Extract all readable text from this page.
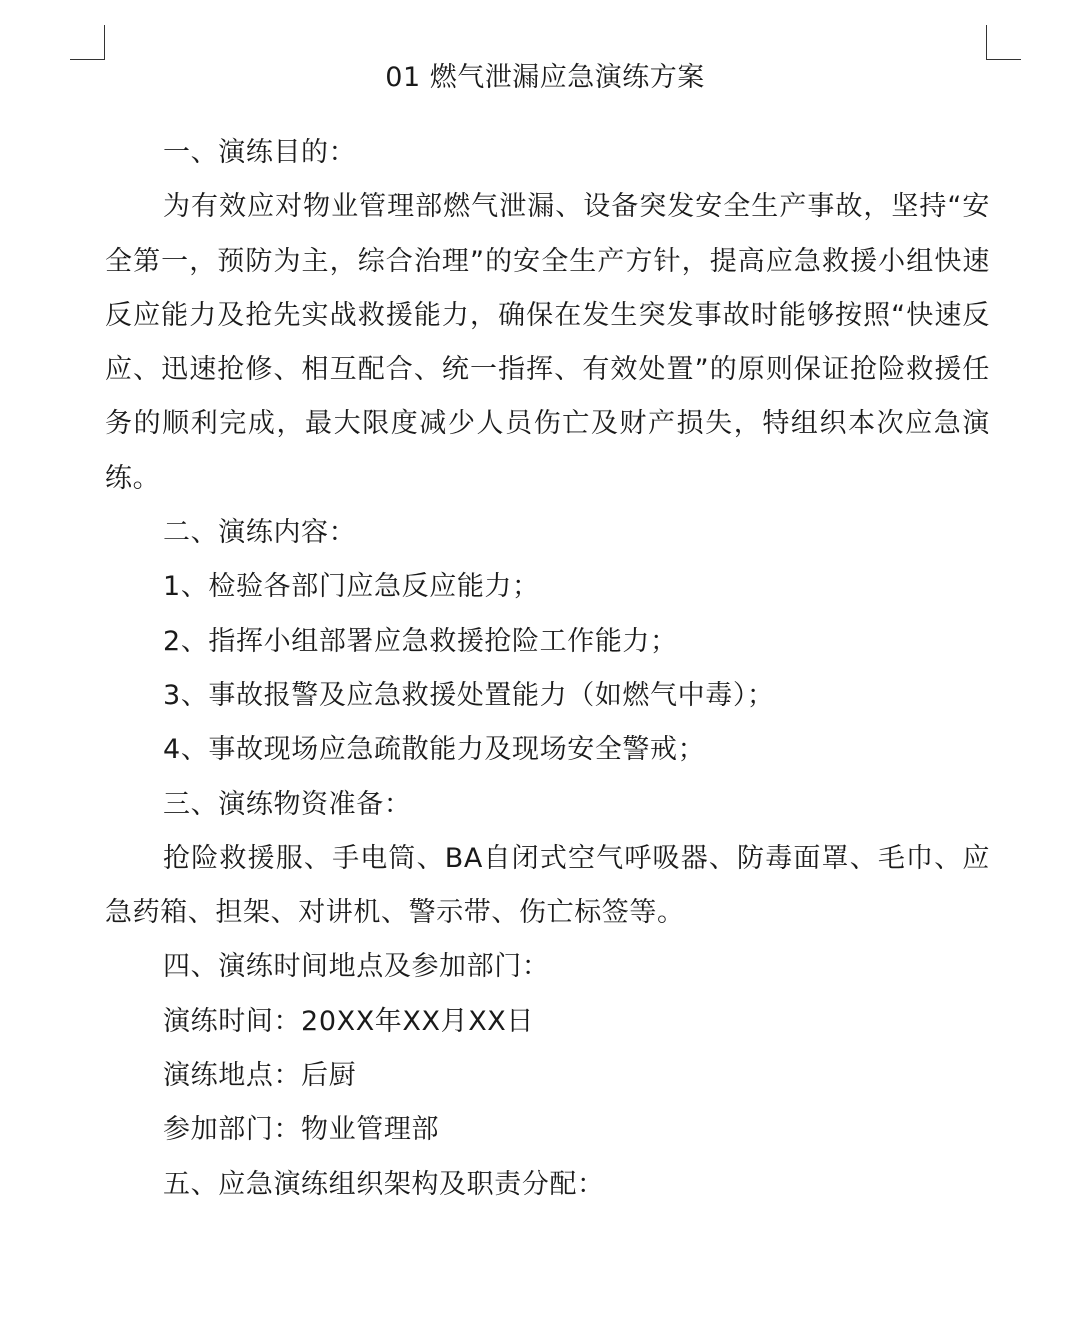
01 燃气泄漏应急演练方案

一、演练目的：

为有效应对物业管理部燃气泄漏、设备突发安全生产事故，坚持“安全第一，预防为主，综合治理”的安全生产方针，提高应急救援小组快速反应能力及抢先实战救援能力，确保在发生突发事故时能够按照“快速反应、迅速抢修、相互配合、统一指挥、有效处置”的原则保证抢险救援任务的顺利完成，最大限度减少人员伤亡及财产损失，特组织本次应急演练。

二、演练内容：

1、检验各部门应急反应能力；

2、指挥小组部署应急救援抢险工作能力；

3、事故报警及应急救援处置能力（如燃气中毒）；

4、事故现场应急疏散能力及现场安全警戒；

三、演练物资准备：

抢险救援服、手电筒、BA自闭式空气呼吸器、防毒面罩、毛巾、应急药箱、担架、对讲机、警示带、伤亡标签等。

四、演练时间地点及参加部门：

演练时间：20XX年XX月XX日

演练地点：后厨

参加部门：物业管理部

五、应急演练组织架构及职责分配：
